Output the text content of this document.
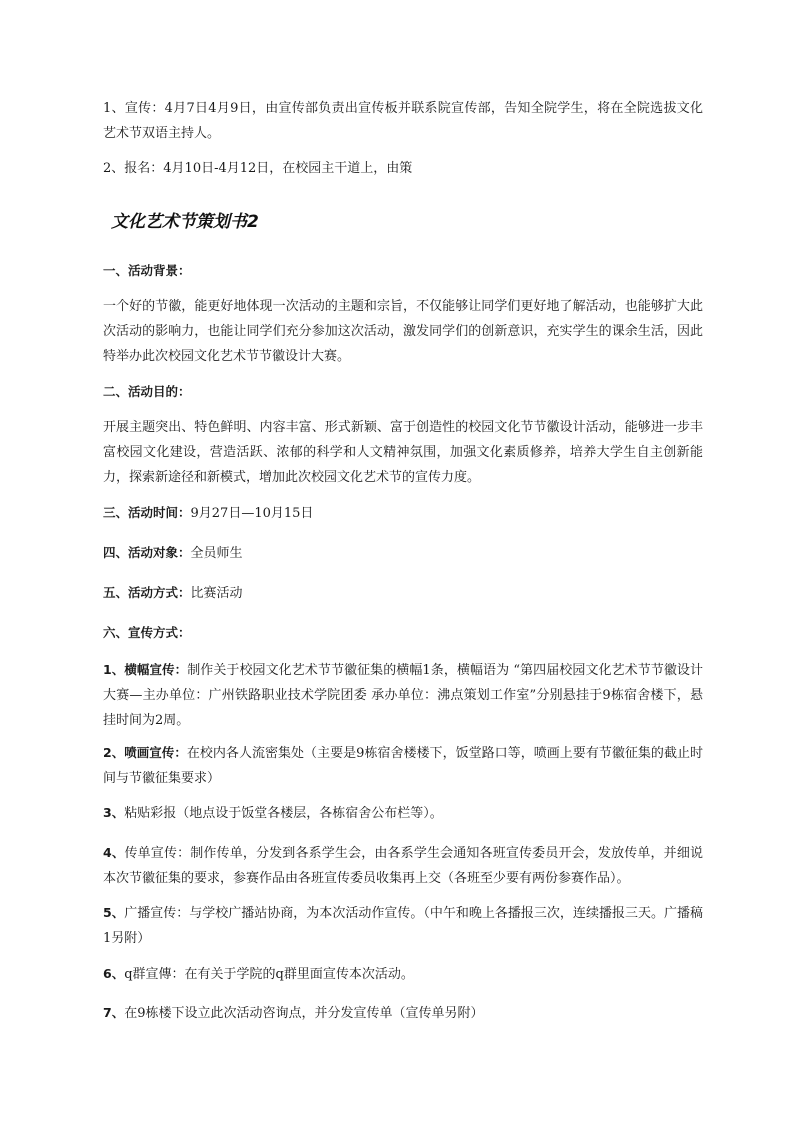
1、宣传：4月7日4月9日，由宣传部负责出宣传板并联系院宣传部，告知全院学生，将在全院选拔文化艺术节双语主持人。

2、报名：4月10日-4月12日，在校园主干道上，由策

文化艺术节策划书2

一、活动背景：

一个好的节徽，能更好地体现一次活动的主题和宗旨，不仅能够让同学们更好地了解活动，也能够扩大此次活动的影响力，也能让同学们充分参加这次活动，激发同学们的创新意识，充实学生的课余生活，因此特举办此次校园文化艺术节节徽设计大赛。

二、活动目的：

开展主题突出、特色鲜明、内容丰富、形式新颖、富于创造性的校园文化节节徽设计活动，能够进一步丰富校园文化建设，营造活跃、浓郁的科学和人文精神氛围，加强文化素质修养，培养大学生自主创新能力，探索新途径和新模式，增加此次校园文化艺术节的宣传力度。

三、活动时间：9月27日—10月15日

四、活动对象：全员师生

五、活动方式：比赛活动

六、宣传方式：

1、横幅宣传：制作关于校园文化艺术节节徽征集的横幅1条，横幅语为 “第四届校园文化艺术节节徽设计大赛—主办单位：广州铁路职业技术学院团委 承办单位：沸点策划工作室”分别悬挂于9栋宿舍楼下，悬挂时间为2周。

2、喷画宣传：在校内各人流密集处（主要是9栋宿舍楼楼下，饭堂路口等，喷画上要有节徽征集的截止时间与节徽征集要求）

3、粘贴彩报（地点设于饭堂各楼层，各栋宿舍公布栏等）。

4、传单宣传：制作传单，分发到各系学生会，由各系学生会通知各班宣传委员开会，发放传单，并细说本次节徽征集的要求，参赛作品由各班宣传委员收集再上交（各班至少要有两份参赛作品）。

5、广播宣传：与学校广播站协商，为本次活动作宣传。（中午和晚上各播报三次，连续播报三天。广播稿1另附）

6、q群宣傳：在有关于学院的q群里面宣传本次活动。

7、在9栋楼下设立此次活动咨询点，并分发宣传单（宣传单另附）
